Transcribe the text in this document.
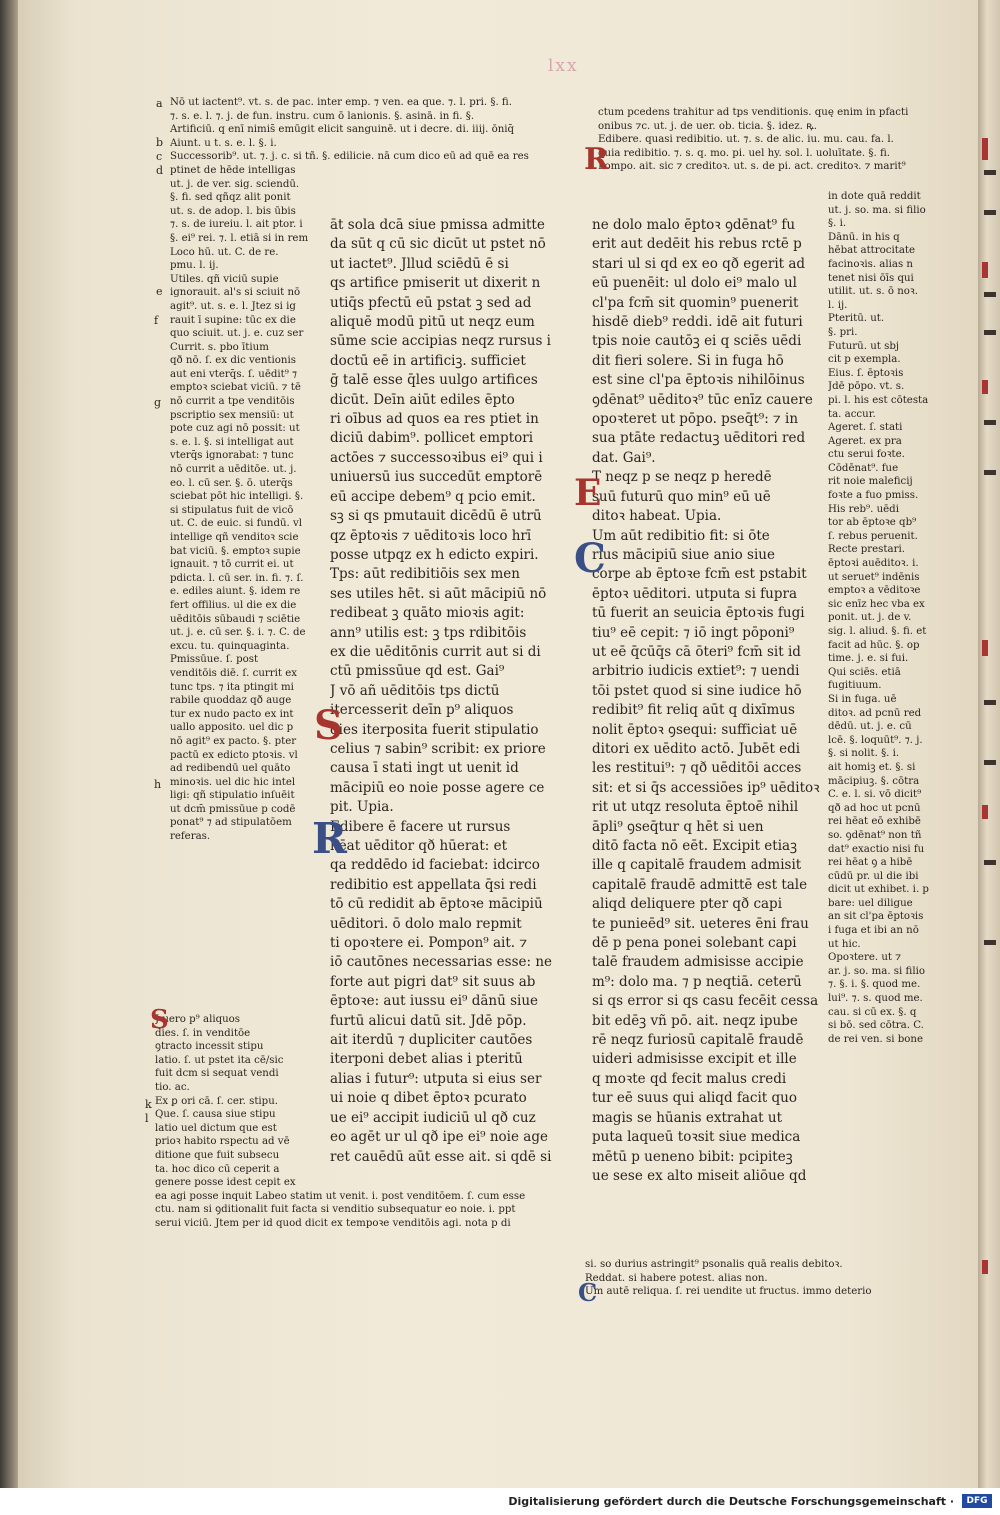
lxx
Nō ut iactent⁹. vt. s. de pac. inter emp. ⁊ ven. ea que. ⁊. l. pri. §. fi.
⁊. s. e. l. ⁊. j. de fun. instru. cum ō lanionis. §. asinā. in fi. §.
Artificiū. q enī nimis̄ emūgit elicit sanguinē. ut i decre. di. iiij. ōniq̄
Aiunt. u t. s. e. l. §. i.
Successorib⁹. ut. ⁊. j. c. si tñ. §. edilicie. nā cum dico eū ad quē ea res
ptinet de hēde intelligas
ut. j. de ver. sig. sciendū.
§. fi. sed qñqz alit ponit
ut. s. de adop. l. bis ūbis
⁊. s. de iureiu. l. ait ptor. i
§. ei⁹ rei. ⁊. l. etiā si in rem
Loco hū. ut. C. de re.
pmu. l. ij.
Utiles. qñ viciū supie
ignorauit. al's si sciuit nō
agit⁹. ut. s. e. l. Jtez si ig
rauit ī supine: tūc ex die
quo sciuit. ut. j. e. cuz ser
Currit. s. pbo ītium
qð nō. ſ. ex dic ventionis
aut eni vterq̄s. ſ. uēdit⁹ ⁊
emptoꝛ sciebat viciū. ⁊ tē
nō currit a tpe venditōis
pscriptio sex mensiū: ut
pote cuz agi nō possit: ut
s. e. l. §. si intelligat aut
vterq̄s ignorabat: ⁊ tunc
nō currit a uēditōe. ut. j.
eo. l. cū ser. §. ō. uterq̄s
sciebat pōt hic intelligi. §.
si stipulatus fuit de vicō
ut. C. de euic. si fundū. vl
intellige qñ venditoꝛ scie
bat viciū. §. emptoꝛ supie
ignauit. ⁊ tō currit ei. ut
pdicta. l. cū ser. in. fi. ⁊. ſ.
e. ediles aiunt. §. idem re
fert offilius. ul die ex die
uēditōis sūbaudi ⁊ sciētie
ut. j. e. cū ser. §. i. ⁊. C. de
excu. tu. quinquaginta.
Pmissūue. ſ. post
venditōis diē. ſ. currit ex
tunc tps. ⁊ ita ptingit mi
rabile quoddaz qð auge
tur ex nudo pacto ex int
uallo apposito. uel dic p
nō agit⁹ ex pacto. §. pter
pactū ex edicto ptoꝛis. vl
ad redibendū uel quāto
minoꝛis. uel dic hic intel
ligi: qñ stipulatio inſuēit
ut dcm̄ pmissūue p codē
ponat⁹ ⁊ ad stipulatōem
referas.
J uero p⁹ aliquos
dies. ſ. in venditōe
ꝯtracto incessit stipu
latio. ſ. ut pstet ita cē/sic
fuit dcm si sequat vendi
tio. ac.
Ex ꝑ ori cā. ſ. cer. stipu.
Que. ſ. causa siue stipu
latio uel dictum que est
prioꝛ habito rspectu ad vē
ditione que fuit subsecu
ta. hoc dico cū ceperit a
genere posse idest cepit ex
ea agi posse inquit Labeo statim ut venit. i. post venditōem. ſ. cum esse
ctu. nam si ꝯditionalit fuit facta si venditio subsequatur eo noie. i. ppt
serui viciū. Jtem per id quod dicit ex tempoꝛe venditōis agi. nota p di
āt sola dcā siue pmissa admitte
da sūt q cū sic dicūt ut pstet nō
ut iactet⁹. Jllud sciēdū ē si
qs artifice pmiserit ut dixerit n
utiq̄s pfectū eū pstat ꝫ sed ad
aliquē modū pitū ut neqz eum
sūme scie accipias neqz rursus i
doctū eē in artificiꝫ. sufficiet
ḡ talē esse q̄les uulgo artifices
dicūt. Deīn aiūt ediles ēpto
ri oībus ad quos ea res ptiet in
diciū dabim⁹. pollicet emptori
actōes ⁊ successoꝛibus ei⁹ qui i
uniuersū ius succedūt emptorē
eū accipe debem⁹ q pcio emit.
sꝫ si qs pmutauit dicēdū ē utrū
qz ēptoꝛis ⁊ uēditoꝛis loco hrī
posse utpqz ex h edicto expiri.
Tps: aūt redibitiōis sex men
ses utiles hēt. si aūt mācipiū nō
redibeat ꝫ quāto mioꝛis agit:
ann⁹ utilis est: ꝫ tps rdibitōis
ex die uēditōnis currit aut si di
ctū pmissūue qd est. Gai⁹
J vō añ uēditōis tps dictū
itercesserit deīn p⁹ aliquos
dies iterposita fuerit stipulatio
celius ⁊ sabin⁹ scribit: ex priore
causa ī stati ingt ut uenit id
mācipiū eo noie posse agere ce
pit. Upia.
Edibere ē facere ut rursus
hēat uēditor qð hūerat: et
qa reddēdo id faciebat: idcirco
redibitio est appellata q̄si redi
tō cū redidit ab ēptoꝛe mācipiū
uēditori. ō dolo malo repmit
ti opoꝛtere ei. Pompon⁹ ait. ⁊
iō cautōnes necessarias esse: ne
forte aut pigri dat⁹ sit suus ab
ēptoꝛe: aut iussu ei⁹ dānū siue
furtū alicui datū sit. Jdē pōp.
ait iterdū ⁊ dupliciter cautōes
iterponi debet alias i pteritū
alias i futur⁹: utputa si eius ser
ui noie q dibet ēptoꝛ pcurato
ue ei⁹ accipit iudiciū ul qð cuz
eo agēt ur ul qð ipe ei⁹ noie age
ret cauēdū aūt esse ait. si qdē si
ctum pcedens trahitur ad tps venditionis. quę enim in pfacti
onibus ⁊c. ut. j. de uer. ob. ticia. §. idez. ꝶ.
Edibere. quasi redibitio. ut. ⁊. s. de alic. iu. mu. cau. fa. l.
quia redibitio. ⁊. s. q. mo. pi. uel hy. sol. l. uoluītate. §. fi.
Pompo. ait. sic ⁊ creditoꝛ. ut. s. de pi. act. creditoꝛ. ⁊ marit⁹
ne dolo malo ēptoꝛ ꝯdēnat⁹ fu
erit aut dedēit his rebus rctē p
stari ul si qd ex eo qð egerit ad
eū puenēit: ul dolo ei⁹ malo ul
cl'pa fcm̄ sit quomin⁹ puenerit
hisdē dieb⁹ reddi. idē ait futuri
tpis noie cautōꝫ ei q sciēs uēdi
dit fieri solere. Si in fuga hō
est sine cl'pa ēptoꝛis nihilōinus
ꝯdēnat⁹ uēditoꝛ⁹ tūc enīz cauere
opoꝛteret ut pōpo. pseq̄t⁹: ⁊ in
sua ptāte redactuꝫ uēditori red
dat. Gai⁹.
T neqz p se neqz p heredē
suū futurū quo min⁹ eū uē
ditoꝛ habeat. Upia.
Um aūt redibitio fit: si ōte
rius mācipiū siue anio siue
corpe ab ēptoꝛe fcm̄ est pstabit
ēptoꝛ uēditori. utputa si fupra
tū fuerit an seuicia ēptoꝛis fugi
tiu⁹ eē cepit: ⁊ iō ingt pōponi⁹
ut eē q̄cūq̄s cā ōteri⁹ fcm̄ sit id
arbitrio iudicis extiet⁹: ⁊ uendi
tōi pstet quod si sine iudice hō
redibit⁹ fit reliq aūt q dixīmus
nolit ēptoꝛ ꝯsequi: sufficiat uē
ditori ex uēdito actō. Jubēt edi
les restitui⁹: ⁊ qð uēditōi acces
sit: et si q̄s accessiōes ip⁹ uēditoꝛ
rit ut utqz resoluta ēptoē nihil
āpli⁹ ꝯseq̄tur q hēt si uen
ditō facta nō eēt. Excipit etiaꝫ
ille q capitalē fraudem admisit
capitalē fraudē admittē est tale
aliqd deliquere pter qð capi
te punieēd⁹ sit. ueteres ēni frau
dē p pena ponei solebant capi
talē fraudem admisisse accipie
m⁹: dolo ma. ⁊ p neqtiā. ceterū
si qs error si qs casu fecēit cessa
bit edēꝫ vñ pō. ait. neqz ipube
rē neqz furiosū capitalē fraudē
uideri admisisse excipit et ille
q moꝛte qd fecit malus credi
tur eē suus qui aliqd facit quo
magis se hūanis extrahat ut
puta laqueū toꝛsit siue medica
mētū p ueneno bibit: pcipiteꝫ
ue sese ex alto miseit aliōue qd
in dote quā reddit
ut. j. so. ma. si filio
§. i.
Dānū. in his q
hēbat attrocitate
facinoꝛis. alias n
tenet nisi ōīs qui
utilit. ut. s. ō noꝛ.
l. ij.
Pteritū. ut.
§. pri.
Futurū. ut sbj
cit p exempla.
Eius. ſ. ēptoꝛis
Jdē pōpo. vt. s.
pi. l. his est cōtesta
ta. accur.
Ageret. ſ. stati
Ageret. ex pra
ctu serui foꝛte.
Cōdēnat⁹. fue
rit noie maleficij
foꝛte a fuo pmiss.
His reb⁹. uēdi
tor ab ēptoꝛe qb⁹
ſ. rebus peruenit.
Recte prestari.
ēptoꝛi auēditoꝛ. i.
ut seruet⁹ indēnis
emptoꝛ a vēditoꝛe
sic enīz hec vba ex
ponit. ut. j. de v.
sig. l. aliud. §. fi. et
facit ad hūc. §. op
time. j. e. si fui.
Qui sciēs. etiā
fugitiuum.
Si in fuga. uē
ditoꝛ. ad pcnū red
dēdū. ut. j. e. cū
lcē. §. loquūt⁹. ⁊. j.
§. si nolit. §. i.
ait homiꝫ et. §. si
mācipiuꝫ. §. cōtra
C. e. l. si. vō dicit⁹
qð ad hoc ut pcnū
rei hēat eō exhibē
so. ꝯdēnat⁹ non tñ
dat⁹ exactio nisi fu
rei hēat ꝯ a hibē
cūdū pr. ul die ibi
dicit ut exhibet. i. p
bare: uel diligue
an sit cl'pa ēptoꝛis
i fuga et ibi an nō
ut hic.
Opoꝛtere. ut ⁊
ar. j. so. ma. si filio
⁊. §. i. §. quod me.
lui⁹. ⁊. s. quod me.
cau. si cū ex. §. q
si bō. sed cōtra. C.
de rei ven. si bone
si. so durius astringit⁹ psonalis quā realis debitoꝛ.
Reddat. si habere potest. alias non.
Um autē reliqua. ſ. rei uendite ut fructus. immo deterio
R
E
C
S
R
S
C
a
b
c
d
e
f
g
h
k
l
Digitalisierung gefördert durch die Deutsche Forschungsgemeinschaft ·	DFG
